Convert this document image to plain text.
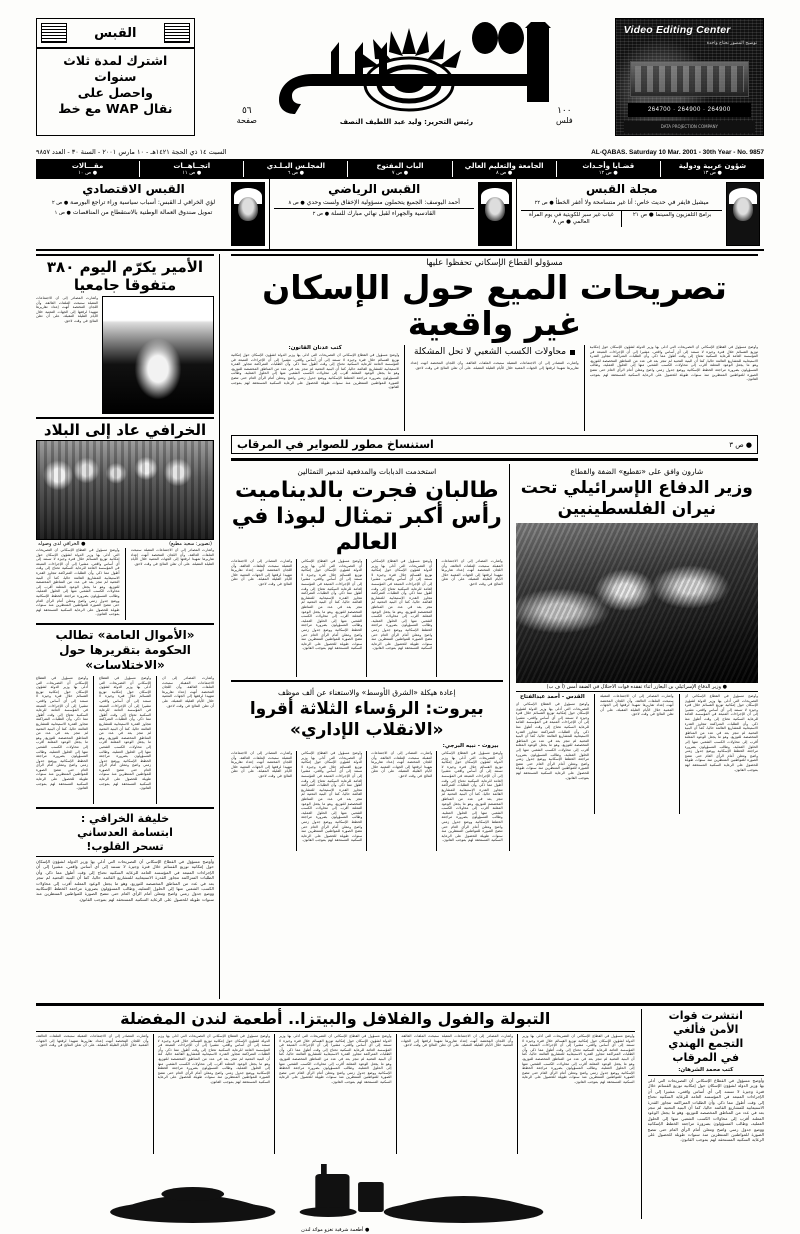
Video Editing Center
توضيح المصور نحتاج واحدة
264700 · 264900 · 264900
DATA PROJECTION COMPANY
١٠٠
فلس
رئيس التحرير: وليد عبد اللطيف النصف
٥٦
صفحة
القبس
اشترك لمدة ثلاث سنوات
واحصل على
نقال WAP مع خط
AL-QABAS. Saturday 10 Mar. 2001 - 30th Year - No. 9857
السبت ١٤ ذي الحجة ١٤٢١هـ - ١٠ مارس ٢٠٠١ - السنة ٣٠ - العدد ٩٨٥٧
شؤون عربية ودولية
● ص ١٣
قضـايا وأحـداث
● ص ١٢
الجامعة والتعليم العالي
● ص ٨
الباب المفتوح
● ص ٧
المجلـس البـلـدي
● ص ٦
اتجــاهــات
● ص ١١
مقـــالات
● ص ١٠
مجلة القبس
ميشيل فايفر في حديث خاص: أنا غير متسامحة ولا أغفر الخطأ ● ص ٢٢
برامج التلفزيون والسينما ● ص ٢١
غياب غير سبر للكويتية في يوم المرأة العالمي ● ص ٨
القبس الرياضي
أحمد اليوسف: الجميع يتحملون مسؤولية الإخفاق ولست وحدي ● ص ٨
القادسية والجهراء لقبل نهائي مبارك للسلة ● ص ٢
القبس الاقتصادي
لؤي الخرافي لـ القبس: أسباب سياسية وراء تراجع البورصة ● ص ٢
تمويل صندوق العمالة الوطنية بالاستقطاع من المناقصات ● ص ١
مسؤولو القطاع الإسكاني تحفظوا عليها
تصريحات الميع حول الإسكان غير واقعية
وأوضح مسؤول في القطاع الإسكاني أن التصريحات التي أدلى بها وزير الدولة لشؤون الإسكان حول إمكانية توزيع القسائم خلال فترة وجيزة لا تستند إلى أي أساس واقعي، مشيرا إلى أن الإجراءات المتبعة في المؤسسة العامة للرعاية السكنية تحتاج إلى وقت أطول مما ذكر، وأن الطلبات المتراكمة تتجاوز القدرة الاستيعابية للمشاريع القائمة حاليا، كما أن البنية التحتية لم تنجز بعد في عدد من المناطق المخصصة للتوزيع، وهو ما يجعل الوعود المعلنة أقرب إلى محاولات الكسب الشعبي منها إلى الحلول العملية، وطالب المسؤولون بضرورة مراجعة الخطط الإسكانية ووضع جدول زمني واضح ومعلن أمام الرأي العام حتى تتضح الصورة للمواطنين المنتظرين منذ سنوات طويلة للحصول على الرعاية السكنية المستحقة لهم بموجب القانون.
محاولات الكسب الشعبي لا تحل المشكلة
وأشارت المصادر إلى أن الاجتماعات المقبلة ستبحث الملفات العالقة، وأن اللجان المختصة أنهت إعداد تقاريرها تمهيدا لرفعها إلى الجهات المعنية خلال الأيام القليلة المقبلة، على أن تعلن النتائج في وقت لاحق.
كتب عدنان القانون:
وأوضح مسؤول في القطاع الإسكاني أن التصريحات التي أدلى بها وزير الدولة لشؤون الإسكان حول إمكانية توزيع القسائم خلال فترة وجيزة لا تستند إلى أي أساس واقعي، مشيرا إلى أن الإجراءات المتبعة في المؤسسة العامة للرعاية السكنية تحتاج إلى وقت أطول مما ذكر، وأن الطلبات المتراكمة تتجاوز القدرة الاستيعابية للمشاريع القائمة حاليا، كما أن البنية التحتية لم تنجز بعد في عدد من المناطق المخصصة للتوزيع، وهو ما يجعل الوعود المعلنة أقرب إلى محاولات الكسب الشعبي منها إلى الحلول العملية، وطالب المسؤولون بضرورة مراجعة الخطط الإسكانية ووضع جدول زمني واضح ومعلن أمام الرأي العام حتى تتضح الصورة للمواطنين المنتظرين منذ سنوات طويلة للحصول على الرعاية السكنية المستحقة لهم بموجب القانون.
● ص ٣
استنساخ مطور للصواير في المرقاب
شارون وافق على «تقطيع» الضفة والقطاع
وزير الدفاع الإسرائيلي تحت نيران الفلسطينيين
● وزير الدفاع الإسرائيلي بن اليعازر أثناء تفقده قوات الاحتلال في الضفة أمس (أ ف ب)
وأوضح مسؤول في القطاع الإسكاني أن التصريحات التي أدلى بها وزير الدولة لشؤون الإسكان حول إمكانية توزيع القسائم خلال فترة وجيزة لا تستند إلى أي أساس واقعي، مشيرا إلى أن الإجراءات المتبعة في المؤسسة العامة للرعاية السكنية تحتاج إلى وقت أطول مما ذكر، وأن الطلبات المتراكمة تتجاوز القدرة الاستيعابية للمشاريع القائمة حاليا، كما أن البنية التحتية لم تنجز بعد في عدد من المناطق المخصصة للتوزيع، وهو ما يجعل الوعود المعلنة أقرب إلى محاولات الكسب الشعبي منها إلى الحلول العملية، وطالب المسؤولون بضرورة مراجعة الخطط الإسكانية ووضع جدول زمني واضح ومعلن أمام الرأي العام حتى تتضح الصورة للمواطنين المنتظرين منذ سنوات طويلة للحصول على الرعاية السكنية المستحقة لهم بموجب القانون.
وأشارت المصادر إلى أن الاجتماعات المقبلة ستبحث الملفات العالقة، وأن اللجان المختصة أنهت إعداد تقاريرها تمهيدا لرفعها إلى الجهات المعنية خلال الأيام القليلة المقبلة، على أن تعلن النتائج في وقت لاحق.
القدس - أحمد عبدالفتاح
وأوضح مسؤول في القطاع الإسكاني أن التصريحات التي أدلى بها وزير الدولة لشؤون الإسكان حول إمكانية توزيع القسائم خلال فترة وجيزة لا تستند إلى أي أساس واقعي، مشيرا إلى أن الإجراءات المتبعة في المؤسسة العامة للرعاية السكنية تحتاج إلى وقت أطول مما ذكر، وأن الطلبات المتراكمة تتجاوز القدرة الاستيعابية للمشاريع القائمة حاليا، كما أن البنية التحتية لم تنجز بعد في عدد من المناطق المخصصة للتوزيع، وهو ما يجعل الوعود المعلنة أقرب إلى محاولات الكسب الشعبي منها إلى الحلول العملية، وطالب المسؤولون بضرورة مراجعة الخطط الإسكانية ووضع جدول زمني واضح ومعلن أمام الرأي العام حتى تتضح الصورة للمواطنين المنتظرين منذ سنوات طويلة للحصول على الرعاية السكنية المستحقة لهم بموجب القانون.
استخدمت الدبابات والمدفعية لتدمير التمثالين
طالبان فجرت بالديناميت رأس أكبر تمثال لبوذا في العالم
وأشارت المصادر إلى أن الاجتماعات المقبلة ستبحث الملفات العالقة، وأن اللجان المختصة أنهت إعداد تقاريرها تمهيدا لرفعها إلى الجهات المعنية خلال الأيام القليلة المقبلة، على أن تعلن النتائج في وقت لاحق.
وأوضح مسؤول في القطاع الإسكاني أن التصريحات التي أدلى بها وزير الدولة لشؤون الإسكان حول إمكانية توزيع القسائم خلال فترة وجيزة لا تستند إلى أي أساس واقعي، مشيرا إلى أن الإجراءات المتبعة في المؤسسة العامة للرعاية السكنية تحتاج إلى وقت أطول مما ذكر، وأن الطلبات المتراكمة تتجاوز القدرة الاستيعابية للمشاريع القائمة حاليا، كما أن البنية التحتية لم تنجز بعد في عدد من المناطق المخصصة للتوزيع، وهو ما يجعل الوعود المعلنة أقرب إلى محاولات الكسب الشعبي منها إلى الحلول العملية، وطالب المسؤولون بضرورة مراجعة الخطط الإسكانية ووضع جدول زمني واضح ومعلن أمام الرأي العام حتى تتضح الصورة للمواطنين المنتظرين منذ سنوات طويلة للحصول على الرعاية السكنية المستحقة لهم بموجب القانون.
وأوضح مسؤول في القطاع الإسكاني أن التصريحات التي أدلى بها وزير الدولة لشؤون الإسكان حول إمكانية توزيع القسائم خلال فترة وجيزة لا تستند إلى أي أساس واقعي، مشيرا إلى أن الإجراءات المتبعة في المؤسسة العامة للرعاية السكنية تحتاج إلى وقت أطول مما ذكر، وأن الطلبات المتراكمة تتجاوز القدرة الاستيعابية للمشاريع القائمة حاليا، كما أن البنية التحتية لم تنجز بعد في عدد من المناطق المخصصة للتوزيع، وهو ما يجعل الوعود المعلنة أقرب إلى محاولات الكسب الشعبي منها إلى الحلول العملية، وطالب المسؤولون بضرورة مراجعة الخطط الإسكانية ووضع جدول زمني واضح ومعلن أمام الرأي العام حتى تتضح الصورة للمواطنين المنتظرين منذ سنوات طويلة للحصول على الرعاية السكنية المستحقة لهم بموجب القانون.
وأشارت المصادر إلى أن الاجتماعات المقبلة ستبحث الملفات العالقة، وأن اللجان المختصة أنهت إعداد تقاريرها تمهيدا لرفعها إلى الجهات المعنية خلال الأيام القليلة المقبلة، على أن تعلن النتائج في وقت لاحق.
إعادة هيكلة «الشرق الأوسط» والاستغناء عن ألف موظف
بيروت: الرؤساء الثلاثة أقروا «الانقلاب الإداري»
بيروت - نبيه البرجي:
وأوضح مسؤول في القطاع الإسكاني أن التصريحات التي أدلى بها وزير الدولة لشؤون الإسكان حول إمكانية توزيع القسائم خلال فترة وجيزة لا تستند إلى أي أساس واقعي، مشيرا إلى أن الإجراءات المتبعة في المؤسسة العامة للرعاية السكنية تحتاج إلى وقت أطول مما ذكر، وأن الطلبات المتراكمة تتجاوز القدرة الاستيعابية للمشاريع القائمة حاليا، كما أن البنية التحتية لم تنجز بعد في عدد من المناطق المخصصة للتوزيع، وهو ما يجعل الوعود المعلنة أقرب إلى محاولات الكسب الشعبي منها إلى الحلول العملية، وطالب المسؤولون بضرورة مراجعة الخطط الإسكانية ووضع جدول زمني واضح ومعلن أمام الرأي العام حتى تتضح الصورة للمواطنين المنتظرين منذ سنوات طويلة للحصول على الرعاية السكنية المستحقة لهم بموجب القانون.
وأشارت المصادر إلى أن الاجتماعات المقبلة ستبحث الملفات العالقة، وأن اللجان المختصة أنهت إعداد تقاريرها تمهيدا لرفعها إلى الجهات المعنية خلال الأيام القليلة المقبلة، على أن تعلن النتائج في وقت لاحق.
وأوضح مسؤول في القطاع الإسكاني أن التصريحات التي أدلى بها وزير الدولة لشؤون الإسكان حول إمكانية توزيع القسائم خلال فترة وجيزة لا تستند إلى أي أساس واقعي، مشيرا إلى أن الإجراءات المتبعة في المؤسسة العامة للرعاية السكنية تحتاج إلى وقت أطول مما ذكر، وأن الطلبات المتراكمة تتجاوز القدرة الاستيعابية للمشاريع القائمة حاليا، كما أن البنية التحتية لم تنجز بعد في عدد من المناطق المخصصة للتوزيع، وهو ما يجعل الوعود المعلنة أقرب إلى محاولات الكسب الشعبي منها إلى الحلول العملية، وطالب المسؤولون بضرورة مراجعة الخطط الإسكانية ووضع جدول زمني واضح ومعلن أمام الرأي العام حتى تتضح الصورة للمواطنين المنتظرين منذ سنوات طويلة للحصول على الرعاية السكنية المستحقة لهم بموجب القانون.
وأشارت المصادر إلى أن الاجتماعات المقبلة ستبحث الملفات العالقة، وأن اللجان المختصة أنهت إعداد تقاريرها تمهيدا لرفعها إلى الجهات المعنية خلال الأيام القليلة المقبلة، على أن تعلن النتائج في وقت لاحق.
الأمير يكرّم اليوم ٣٨٠ متفوقا جامعيا
وأشارت المصادر إلى أن الاجتماعات المقبلة ستبحث الملفات العالقة، وأن اللجان المختصة أنهت إعداد تقاريرها تمهيدا لرفعها إلى الجهات المعنية خلال الأيام القليلة المقبلة، على أن تعلن النتائج في وقت لاحق.
الخرافي عاد إلى البلاد
(تصوير: سعيد مطيع)
● الخرافي لدى وصوله
وأشارت المصادر إلى أن الاجتماعات المقبلة ستبحث الملفات العالقة، وأن اللجان المختصة أنهت إعداد تقاريرها تمهيدا لرفعها إلى الجهات المعنية خلال الأيام القليلة المقبلة، على أن تعلن النتائج في وقت لاحق.
وأوضح مسؤول في القطاع الإسكاني أن التصريحات التي أدلى بها وزير الدولة لشؤون الإسكان حول إمكانية توزيع القسائم خلال فترة وجيزة لا تستند إلى أي أساس واقعي، مشيرا إلى أن الإجراءات المتبعة في المؤسسة العامة للرعاية السكنية تحتاج إلى وقت أطول مما ذكر، وأن الطلبات المتراكمة تتجاوز القدرة الاستيعابية للمشاريع القائمة حاليا، كما أن البنية التحتية لم تنجز بعد في عدد من المناطق المخصصة للتوزيع، وهو ما يجعل الوعود المعلنة أقرب إلى محاولات الكسب الشعبي منها إلى الحلول العملية، وطالب المسؤولون بضرورة مراجعة الخطط الإسكانية ووضع جدول زمني واضح ومعلن أمام الرأي العام حتى تتضح الصورة للمواطنين المنتظرين منذ سنوات طويلة للحصول على الرعاية السكنية المستحقة لهم بموجب القانون.
«الأموال العامة» تطالب الحكومة بتقريرها حول «الاختلاسات»
وأشارت المصادر إلى أن الاجتماعات المقبلة ستبحث الملفات العالقة، وأن اللجان المختصة أنهت إعداد تقاريرها تمهيدا لرفعها إلى الجهات المعنية خلال الأيام القليلة المقبلة، على أن تعلن النتائج في وقت لاحق.
وأوضح مسؤول في القطاع الإسكاني أن التصريحات التي أدلى بها وزير الدولة لشؤون الإسكان حول إمكانية توزيع القسائم خلال فترة وجيزة لا تستند إلى أي أساس واقعي، مشيرا إلى أن الإجراءات المتبعة في المؤسسة العامة للرعاية السكنية تحتاج إلى وقت أطول مما ذكر، وأن الطلبات المتراكمة تتجاوز القدرة الاستيعابية للمشاريع القائمة حاليا، كما أن البنية التحتية لم تنجز بعد في عدد من المناطق المخصصة للتوزيع، وهو ما يجعل الوعود المعلنة أقرب إلى محاولات الكسب الشعبي منها إلى الحلول العملية، وطالب المسؤولون بضرورة مراجعة الخطط الإسكانية ووضع جدول زمني واضح ومعلن أمام الرأي العام حتى تتضح الصورة للمواطنين المنتظرين منذ سنوات طويلة للحصول على الرعاية السكنية المستحقة لهم بموجب القانون.
وأوضح مسؤول في القطاع الإسكاني أن التصريحات التي أدلى بها وزير الدولة لشؤون الإسكان حول إمكانية توزيع القسائم خلال فترة وجيزة لا تستند إلى أي أساس واقعي، مشيرا إلى أن الإجراءات المتبعة في المؤسسة العامة للرعاية السكنية تحتاج إلى وقت أطول مما ذكر، وأن الطلبات المتراكمة تتجاوز القدرة الاستيعابية للمشاريع القائمة حاليا، كما أن البنية التحتية لم تنجز بعد في عدد من المناطق المخصصة للتوزيع، وهو ما يجعل الوعود المعلنة أقرب إلى محاولات الكسب الشعبي منها إلى الحلول العملية، وطالب المسؤولون بضرورة مراجعة الخطط الإسكانية ووضع جدول زمني واضح ومعلن أمام الرأي العام حتى تتضح الصورة للمواطنين المنتظرين منذ سنوات طويلة للحصول على الرعاية السكنية المستحقة لهم بموجب القانون.
خليفة الخرافي :
ابتسامة العدساني
تسحر القلوب!
وأوضح مسؤول في القطاع الإسكاني أن التصريحات التي أدلى بها وزير الدولة لشؤون الإسكان حول إمكانية توزيع القسائم خلال فترة وجيزة لا تستند إلى أي أساس واقعي، مشيرا إلى أن الإجراءات المتبعة في المؤسسة العامة للرعاية السكنية تحتاج إلى وقت أطول مما ذكر، وأن الطلبات المتراكمة تتجاوز القدرة الاستيعابية للمشاريع القائمة حاليا، كما أن البنية التحتية لم تنجز بعد في عدد من المناطق المخصصة للتوزيع، وهو ما يجعل الوعود المعلنة أقرب إلى محاولات الكسب الشعبي منها إلى الحلول العملية، وطالب المسؤولون بضرورة مراجعة الخطط الإسكانية ووضع جدول زمني واضح ومعلن أمام الرأي العام حتى تتضح الصورة للمواطنين المنتظرين منذ سنوات طويلة للحصول على الرعاية السكنية المستحقة لهم بموجب القانون.
انتشرت قوات
الأمن فألغي
التجمع الهندي
في المرقاب
كتب محمد الشرهان:
وأوضح مسؤول في القطاع الإسكاني أن التصريحات التي أدلى بها وزير الدولة لشؤون الإسكان حول إمكانية توزيع القسائم خلال فترة وجيزة لا تستند إلى أي أساس واقعي، مشيرا إلى أن الإجراءات المتبعة في المؤسسة العامة للرعاية السكنية تحتاج إلى وقت أطول مما ذكر، وأن الطلبات المتراكمة تتجاوز القدرة الاستيعابية للمشاريع القائمة حاليا، كما أن البنية التحتية لم تنجز بعد في عدد من المناطق المخصصة للتوزيع، وهو ما يجعل الوعود المعلنة أقرب إلى محاولات الكسب الشعبي منها إلى الحلول العملية، وطالب المسؤولون بضرورة مراجعة الخطط الإسكانية ووضع جدول زمني واضح ومعلن أمام الرأي العام حتى تتضح الصورة للمواطنين المنتظرين منذ سنوات طويلة للحصول على الرعاية السكنية المستحقة لهم بموجب القانون.
التبولة والفول والفلافل والبيتزا.. أطعمة لندن المفضلة
وأوضح مسؤول في القطاع الإسكاني أن التصريحات التي أدلى بها وزير الدولة لشؤون الإسكان حول إمكانية توزيع القسائم خلال فترة وجيزة لا تستند إلى أي أساس واقعي، مشيرا إلى أن الإجراءات المتبعة في المؤسسة العامة للرعاية السكنية تحتاج إلى وقت أطول مما ذكر، وأن الطلبات المتراكمة تتجاوز القدرة الاستيعابية للمشاريع القائمة حاليا، كما أن البنية التحتية لم تنجز بعد في عدد من المناطق المخصصة للتوزيع، وهو ما يجعل الوعود المعلنة أقرب إلى محاولات الكسب الشعبي منها إلى الحلول العملية، وطالب المسؤولون بضرورة مراجعة الخطط الإسكانية ووضع جدول زمني واضح ومعلن أمام الرأي العام حتى تتضح الصورة للمواطنين المنتظرين منذ سنوات طويلة للحصول على الرعاية السكنية المستحقة لهم بموجب القانون.
وأشارت المصادر إلى أن الاجتماعات المقبلة ستبحث الملفات العالقة، وأن اللجان المختصة أنهت إعداد تقاريرها تمهيدا لرفعها إلى الجهات المعنية خلال الأيام القليلة المقبلة، على أن تعلن النتائج في وقت لاحق.
وأوضح مسؤول في القطاع الإسكاني أن التصريحات التي أدلى بها وزير الدولة لشؤون الإسكان حول إمكانية توزيع القسائم خلال فترة وجيزة لا تستند إلى أي أساس واقعي، مشيرا إلى أن الإجراءات المتبعة في المؤسسة العامة للرعاية السكنية تحتاج إلى وقت أطول مما ذكر، وأن الطلبات المتراكمة تتجاوز القدرة الاستيعابية للمشاريع القائمة حاليا، كما أن البنية التحتية لم تنجز بعد في عدد من المناطق المخصصة للتوزيع، وهو ما يجعل الوعود المعلنة أقرب إلى محاولات الكسب الشعبي منها إلى الحلول العملية، وطالب المسؤولون بضرورة مراجعة الخطط الإسكانية ووضع جدول زمني واضح ومعلن أمام الرأي العام حتى تتضح الصورة للمواطنين المنتظرين منذ سنوات طويلة للحصول على الرعاية السكنية المستحقة لهم بموجب القانون.
وأوضح مسؤول في القطاع الإسكاني أن التصريحات التي أدلى بها وزير الدولة لشؤون الإسكان حول إمكانية توزيع القسائم خلال فترة وجيزة لا تستند إلى أي أساس واقعي، مشيرا إلى أن الإجراءات المتبعة في المؤسسة العامة للرعاية السكنية تحتاج إلى وقت أطول مما ذكر، وأن الطلبات المتراكمة تتجاوز القدرة الاستيعابية للمشاريع القائمة حاليا، كما أن البنية التحتية لم تنجز بعد في عدد من المناطق المخصصة للتوزيع، وهو ما يجعل الوعود المعلنة أقرب إلى محاولات الكسب الشعبي منها إلى الحلول العملية، وطالب المسؤولون بضرورة مراجعة الخطط الإسكانية ووضع جدول زمني واضح ومعلن أمام الرأي العام حتى تتضح الصورة للمواطنين المنتظرين منذ سنوات طويلة للحصول على الرعاية السكنية المستحقة لهم بموجب القانون.
وأشارت المصادر إلى أن الاجتماعات المقبلة ستبحث الملفات العالقة، وأن اللجان المختصة أنهت إعداد تقاريرها تمهيدا لرفعها إلى الجهات المعنية خلال الأيام القليلة المقبلة، على أن تعلن النتائج في وقت لاحق.
● أطعمة شرقية تغزو موائد لندن
